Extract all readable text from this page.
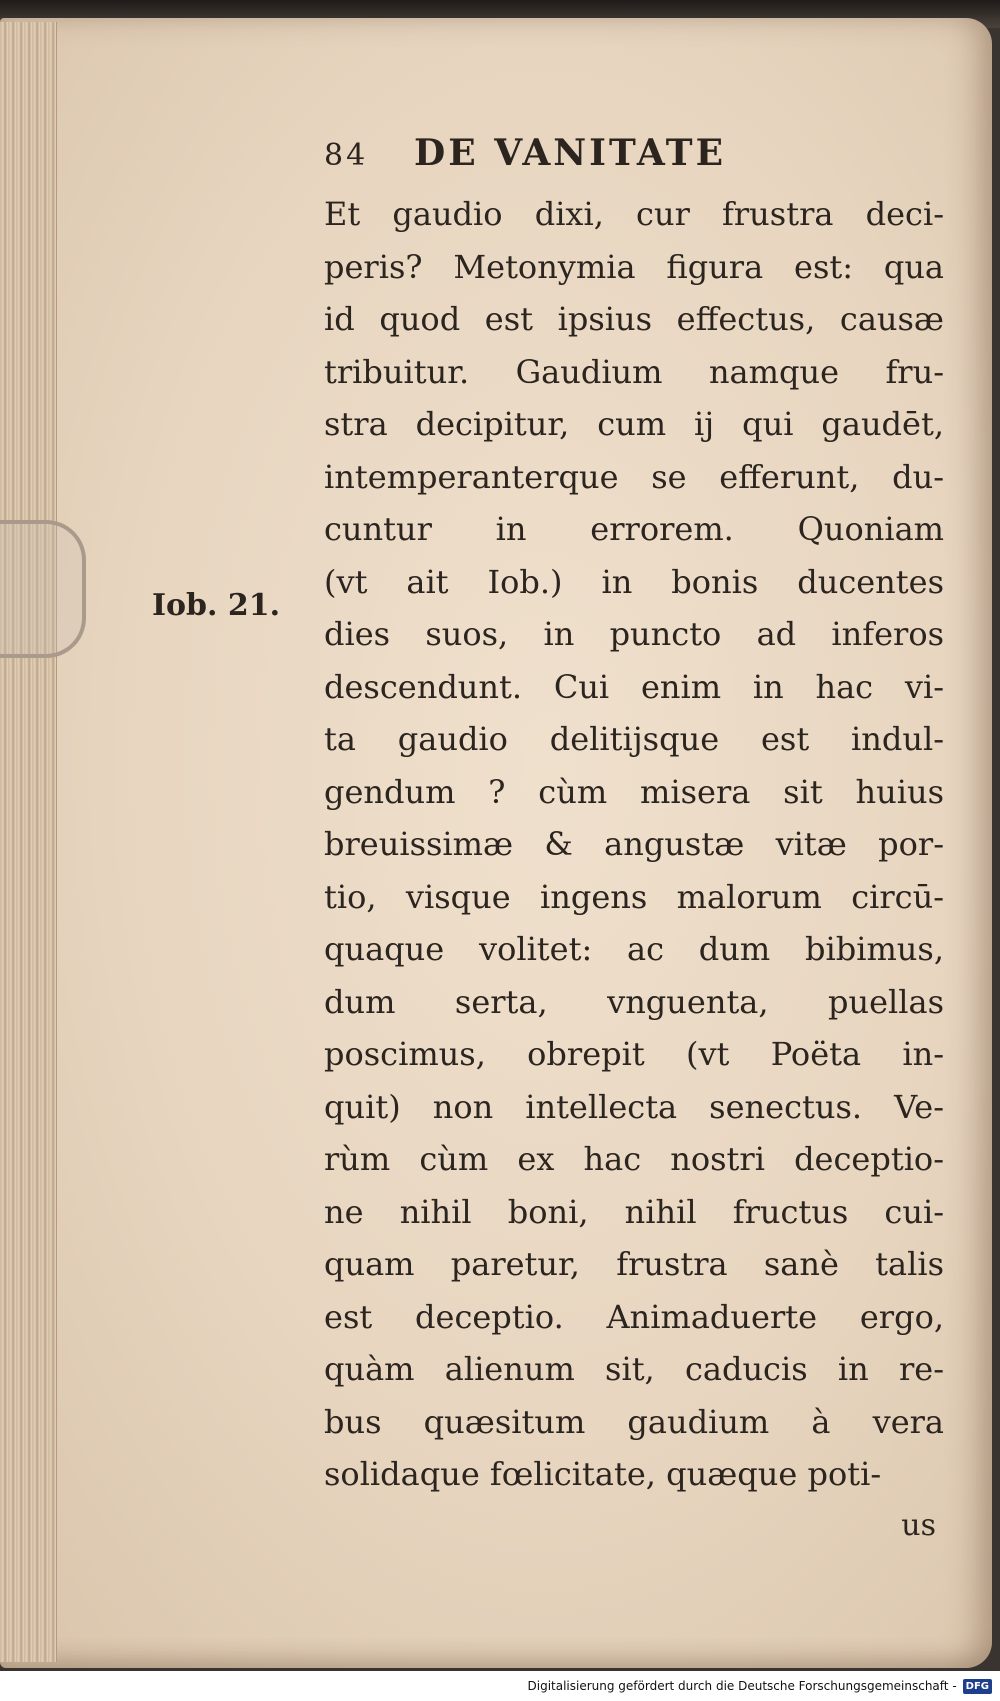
Iob. 21.
84	DE VANITATE
Et gaudio dixi, cur frustra deci-
peris? Metonymia figura est: qua
id quod est ipsius effectus, causæ
tribuitur. Gaudium namque fru-
stra decipitur, cum ij qui gaudēt,
intemperanterque se efferunt, du-
cuntur in errorem. Quoniam
(vt ait Iob.) in bonis ducentes
dies suos, in puncto ad inferos
descendunt. Cui enim in hac vi-
ta gaudio delitijsque est indul-
gendum ? cùm misera sit huius
breuissimæ & angustæ vitæ por-
tio, visque ingens malorum circū-
quaque volitet: ac dum bibimus,
dum serta, vnguenta, puellas
poscimus, obrepit (vt Poëta in-
quit) non intellecta senectus. Ve-
rùm cùm ex hac nostri deceptio-
ne nihil boni, nihil fructus cui-
quam paretur, frustra sanè talis
est deceptio. Animaduerte ergo,
quàm alienum sit, caducis in re-
bus quæsitum gaudium à vera
solidaque fœlicitate, quæque poti-
us
Digitalisierung gefördert durch die Deutsche Forschungsgemeinschaft - DFG
